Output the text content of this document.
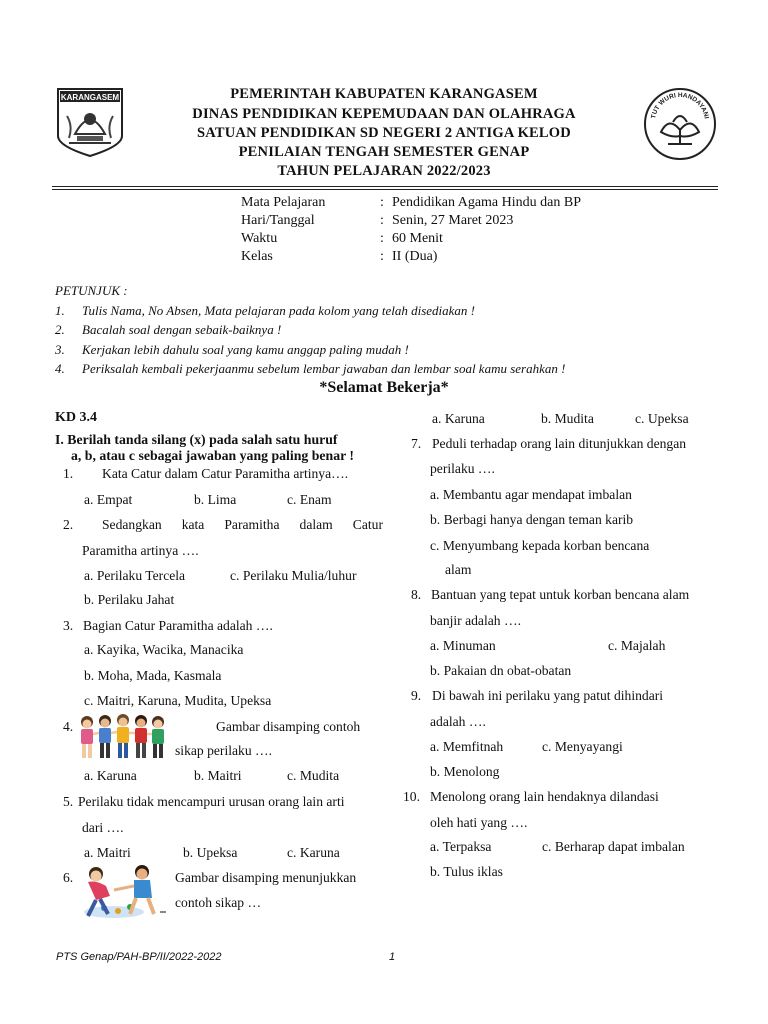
KARANGASEM
TUT WURI HANDAYANI
PEMERINTAH KABUPATEN KARANGASEM
DINAS PENDIDIKAN KEPEMUDAAN DAN OLAHRAGA
SATUAN PENDIDIKAN SD NEGERI 2 ANTIGA KELOD
PENILAIAN TENGAH SEMESTER GENAP
TAHUN PELAJARAN 2022/2023
Mata Pelajaran	: Pendidikan Agama Hindu dan BP
Hari/Tanggal	: Senin, 27 Maret 2023
Waktu	: 60 Menit
Kelas	: II (Dua)
PETUNJUK :
1. Tulis Nama, No Absen, Mata pelajaran pada kolom yang telah disediakan !
2. Bacalah soal dengan sebaik-baiknya !
3. Kerjakan lebih dahulu soal yang kamu anggap paling mudah !
4. Periksalah kembali pekerjaanmu sebelum lembar jawaban dan lembar soal kamu serahkan !
*Selamat Bekerja*
KD 3.4
I. Berilah tanda silang (x) pada salah satu huruf
a, b, atau c sebagai jawaban yang paling benar !
1. Kata Catur dalam Catur Paramitha artinya….
a. Empat	b. Lima	c. Enam
2. Sedangkan kata Paramitha dalam Catur
Paramitha artinya ….
a. Perilaku Tercela	c. Perilaku Mulia/luhur
b. Perilaku Jahat
3. Bagian Catur Paramitha adalah ….
a. Kayika, Wacika, Manacika
b. Moha, Mada, Kasmala
c. Maitri, Karuna, Mudita, Upeksa
4.	Gambar disamping contoh
sikap perilaku ….
a. Karuna	b. Maitri	c. Mudita
5. Perilaku tidak mencampuri urusan orang lain arti
dari ….
a. Maitri	b. Upeksa	c. Karuna
6.	Gambar disamping menunjukkan
contoh sikap …
a. Karuna	b. Mudita	c. Upeksa
7. Peduli terhadap orang lain ditunjukkan dengan
perilaku ….
a. Membantu agar mendapat imbalan
b. Berbagi hanya dengan teman karib
c. Menyumbang kepada korban bencana
alam
8. Bantuan yang tepat untuk korban bencana alam
banjir adalah ….
a. Minuman	c. Majalah
b. Pakaian dn obat-obatan
9. Di bawah ini perilaku yang patut dihindari
adalah ….
a. Memfitnah	c. Menyayangi
b. Menolong
10. Menolong orang lain hendaknya dilandasi
oleh hati yang ….
a. Terpaksa	c. Berharap dapat imbalan
b. Tulus iklas
PTS Genap/PAH-BP/II/2022-2022	1
